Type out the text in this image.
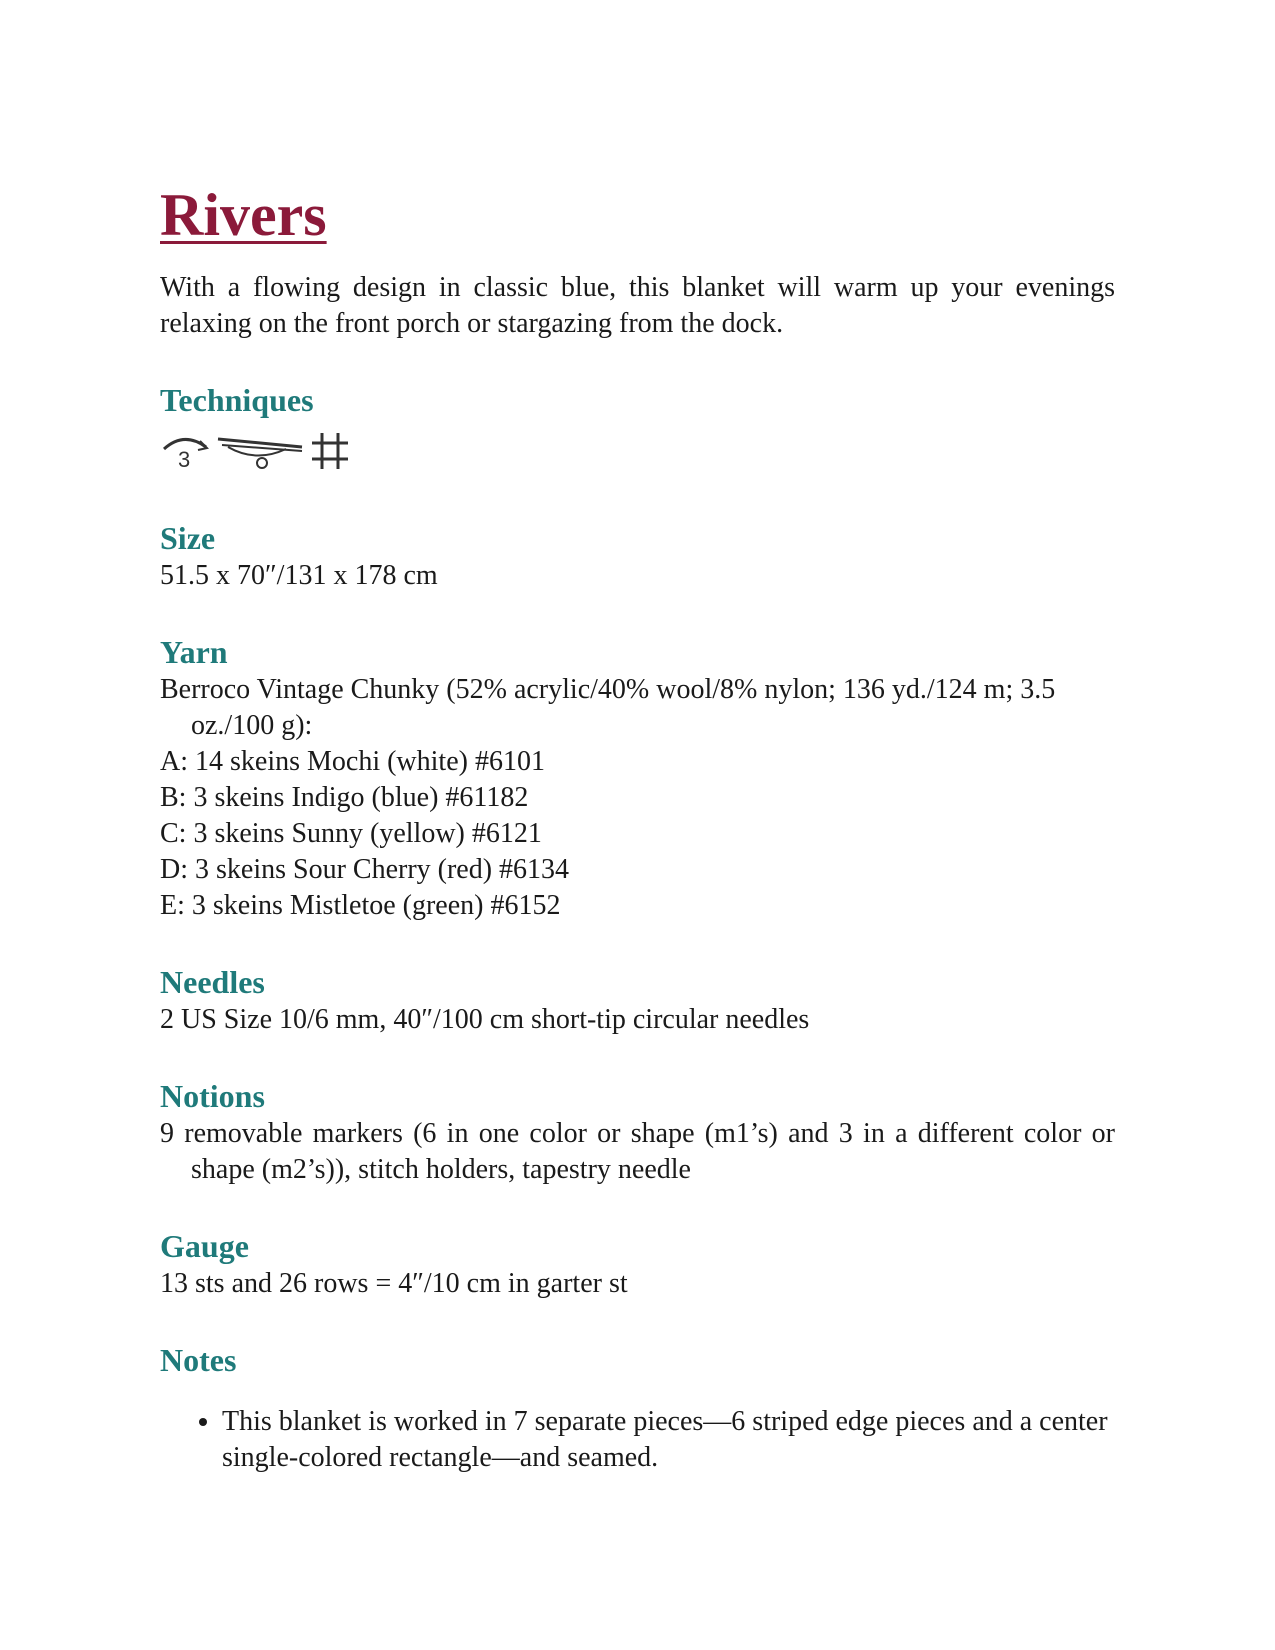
Rivers

With a flowing design in classic blue, this blanket will warm up your evenings relaxing on the front porch or stargazing from the dock.

Techniques
3
Size

51.5 x 70″/131 x 178 cm

Yarn

Berroco Vintage Chunky (52% acrylic/40% wool/8% nylon; 136 yd./124 m; 3.5 oz./100 g):

A: 14 skeins Mochi (white) #6101

B: 3 skeins Indigo (blue) #61182

C: 3 skeins Sunny (yellow) #6121

D: 3 skeins Sour Cherry (red) #6134

E: 3 skeins Mistletoe (green) #6152

Needles

2 US Size 10/6 mm, 40″/100 cm short-tip circular needles

Notions

9 removable markers (6 in one color or shape (m1’s) and 3 in a different color or shape (m2’s)), stitch holders, tapestry needle

Gauge

13 sts and 26 rows = 4″/10 cm in garter st

Notes
• This blanket is worked in 7 separate pieces—6 striped edge pieces and a center single-colored rectangle—and seamed.
